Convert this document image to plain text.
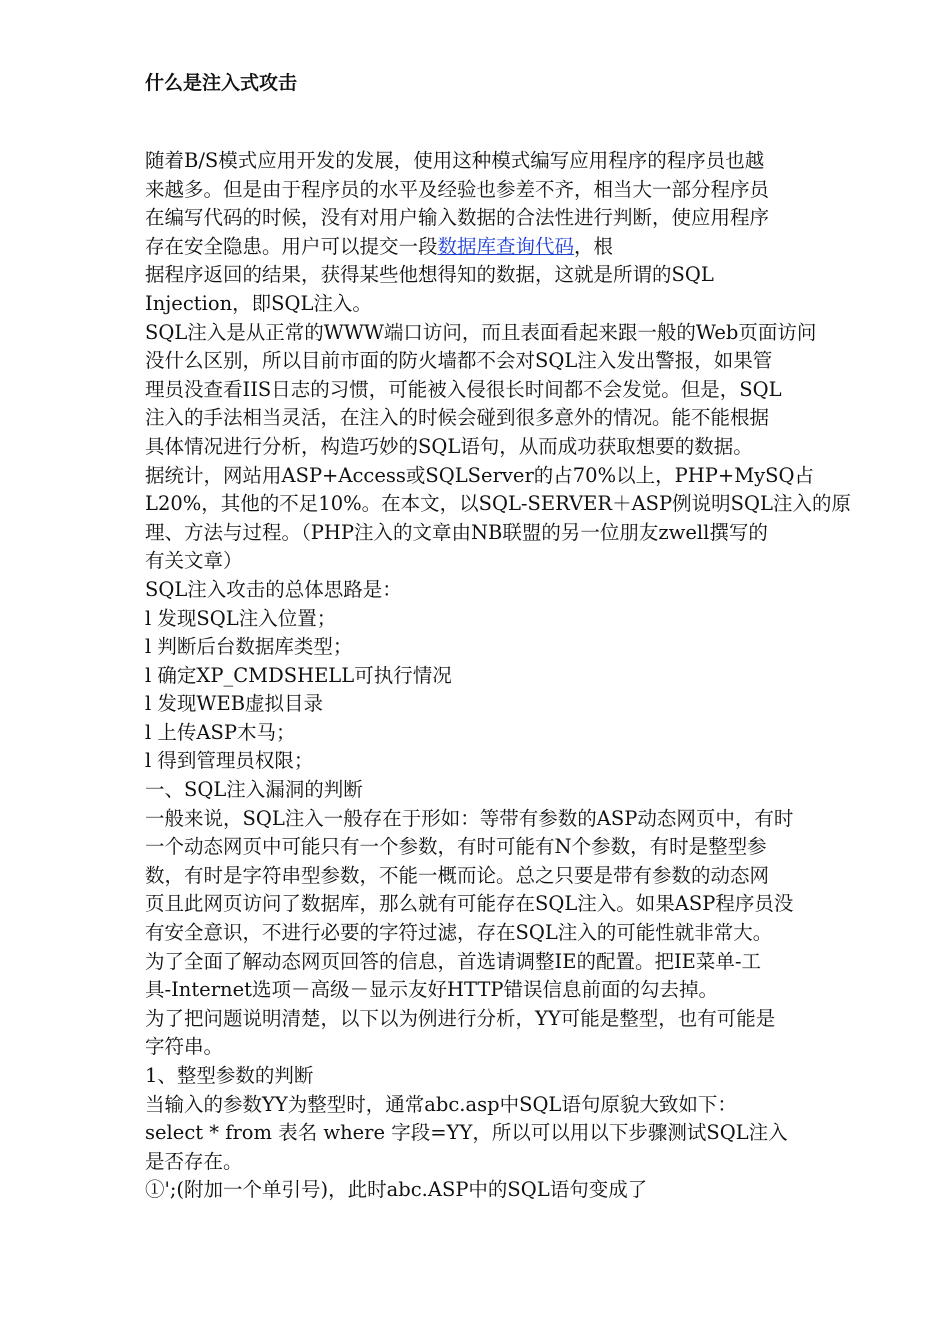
什么是注入式攻击
随着B/S模式应用开发的发展，使用这种模式编写应用程序的程序员也越
来越多。但是由于程序员的水平及经验也参差不齐，相当大一部分程序员
在编写代码的时候，没有对用户输入数据的合法性进行判断，使应用程序
存在安全隐患。用户可以提交一段数据库查询代码，根
据程序返回的结果，获得某些他想得知的数据，这就是所谓的SQL
Injection，即SQL注入。
SQL注入是从正常的WWW端口访问，而且表面看起来跟一般的Web页面访问
没什么区别，所以目前市面的防火墙都不会对SQL注入发出警报，如果管
理员没查看IIS日志的习惯，可能被入侵很长时间都不会发觉。但是，SQL
注入的手法相当灵活，在注入的时候会碰到很多意外的情况。能不能根据
具体情况进行分析，构造巧妙的SQL语句，从而成功获取想要的数据。
据统计，网站用ASP+Access或SQLServer的占70%以上，PHP+MySQ占
L20%，其他的不足10%。在本文，以SQL-SERVER＋ASP例说明SQL注入的原
理、方法与过程。（PHP注入的文章由NB联盟的另一位朋友zwell撰写的
有关文章）
SQL注入攻击的总体思路是：
l 发现SQL注入位置；
l 判断后台数据库类型；
l 确定XP_CMDSHELL可执行情况
l 发现WEB虚拟目录
l 上传ASP木马；
l 得到管理员权限；
一、SQL注入漏洞的判断
一般来说，SQL注入一般存在于形如：等带有参数的ASP动态网页中，有时
一个动态网页中可能只有一个参数，有时可能有N个参数，有时是整型参
数，有时是字符串型参数，不能一概而论。总之只要是带有参数的动态网
页且此网页访问了数据库，那么就有可能存在SQL注入。如果ASP程序员没
有安全意识，不进行必要的字符过滤，存在SQL注入的可能性就非常大。
为了全面了解动态网页回答的信息，首选请调整IE的配置。把IE菜单-工
具-Internet选项－高级－显示友好HTTP错误信息前面的勾去掉。
为了把问题说明清楚，以下以为例进行分析，YY可能是整型，也有可能是
字符串。
1、整型参数的判断
当输入的参数YY为整型时，通常abc.asp中SQL语句原貌大致如下：
select * from 表名 where 字段=YY，所以可以用以下步骤测试SQL注入
是否存在。
①';(附加一个单引号)，此时abc.ASP中的SQL语句变成了
